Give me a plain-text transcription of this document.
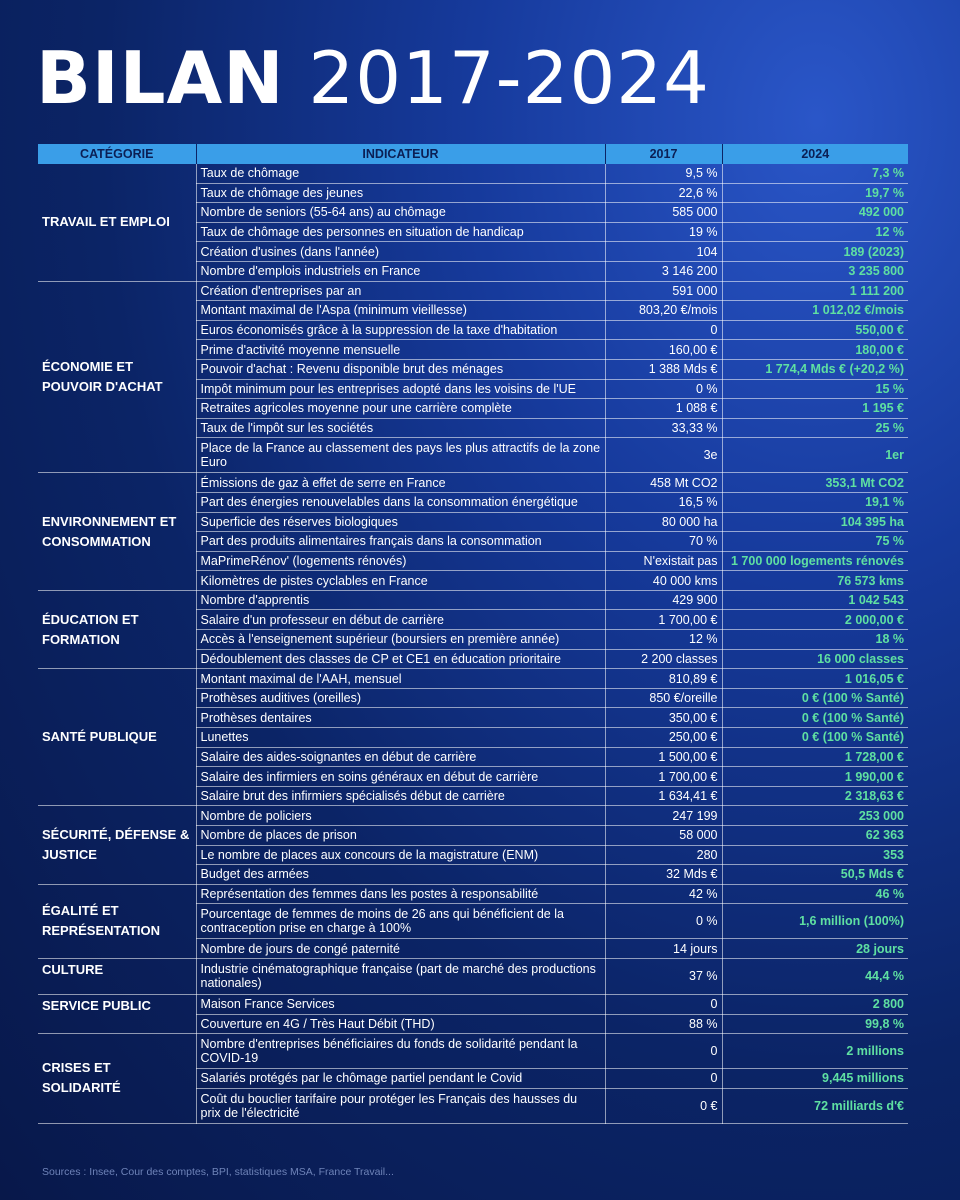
BILAN 2017-2024
CATÉGORIE	INDICATEUR	2017	2024
TRAVAIL ET EMPLOI	Taux de chômage	9,5 %	7,3 %
	Taux de chômage des jeunes	22,6 %	19,7 %
	Nombre de seniors (55-64 ans) au chômage	585 000	492 000
	Taux de chômage des personnes en situation de handicap	19 %	12 %
	Création d'usines (dans l'année)	104	189 (2023)
	Nombre d'emplois industriels en France	3 146 200	3 235 800
ÉCONOMIE ET POUVOIR D'ACHAT	Création d'entreprises par an	591 000	1 111 200
	Montant maximal de l'Aspa (minimum vieillesse)	803,20 €/mois	1 012,02 €/mois
	Euros économisés grâce à la suppression de la taxe d'habitation	0	550,00 €
	Prime d'activité moyenne mensuelle	160,00 €	180,00 €
	Pouvoir d'achat : Revenu disponible brut des ménages	1 388 Mds €	1 774,4 Mds € (+20,2 %)
	Impôt minimum pour les entreprises adopté dans les voisins de l'UE	0 %	15 %
	Retraites agricoles moyenne pour une carrière complète	1 088 €	1 195 €
	Taux de l'impôt sur les sociétés	33,33 %	25 %
	Place de la France au classement des pays les plus attractifs de la zone Euro	3e	1er
ENVIRONNEMENT ET CONSOMMATION	Émissions de gaz à effet de serre en France	458 Mt CO2	353,1 Mt CO2
	Part des énergies renouvelables dans la consommation énergétique	16,5 %	19,1 %
	Superficie des réserves biologiques	80 000 ha	104 395 ha
	Part des produits alimentaires français dans la consommation	70 %	75 %
	MaPrimeRénov' (logements rénovés)	N'existait pas	1 700 000 logements rénovés
	Kilomètres de pistes cyclables en France	40 000 kms	76 573 kms
ÉDUCATION ET FORMATION	Nombre d'apprentis	429 900	1 042 543
	Salaire d'un professeur en début de carrière	1 700,00 €	2 000,00 €
	Accès à l'enseignement supérieur (boursiers en première année)	12 %	18 %
	Dédoublement des classes de CP et CE1 en éducation prioritaire	2 200 classes	16 000 classes
SANTÉ PUBLIQUE	Montant maximal de l'AAH, mensuel	810,89 €	1 016,05 €
	Prothèses auditives (oreilles)	850 €/oreille	0 € (100 % Santé)
	Prothèses dentaires	350,00 €	0 € (100 % Santé)
	Lunettes	250,00 €	0 € (100 % Santé)
	Salaire des aides-soignantes en début de carrière	1 500,00 €	1 728,00 €
	Salaire des infirmiers en soins généraux en début de carrière	1 700,00 €	1 990,00 €
	Salaire brut des infirmiers spécialisés début de carrière	1 634,41 €	2 318,63 €
SÉCURITÉ, DÉFENSE & JUSTICE	Nombre de policiers	247 199	253 000
	Nombre de places de prison	58 000	62 363
	Le nombre de places aux concours de la magistrature (ENM)	280	353
	Budget des armées	32 Mds €	50,5 Mds €
ÉGALITÉ ET REPRÉSENTATION	Représentation des femmes dans les postes à responsabilité	42 %	46 %
	Pourcentage de femmes de moins de 26 ans qui bénéficient de la contraception prise en charge à 100%	0 %	1,6 million (100%)
	Nombre de jours de congé paternité	14 jours	28 jours
CULTURE	Industrie cinématographique française (part de marché des productions nationales)	37 %	44,4 %
SERVICE PUBLIC	Maison France Services	0	2 800
	Couverture en 4G / Très Haut Débit (THD)	88 %	99,8 %
CRISES ET SOLIDARITÉ	Nombre d'entreprises bénéficiaires du fonds de solidarité pendant la COVID-19	0	2 millions
	Salariés protégés par le chômage partiel pendant le Covid	0	9,445 millions
	Coût du bouclier tarifaire pour protéger les Français des hausses du prix de l'électricité	0 €	72 milliards d'€
Sources : Insee, Cour des comptes, BPI, statistiques MSA, France Travail...
